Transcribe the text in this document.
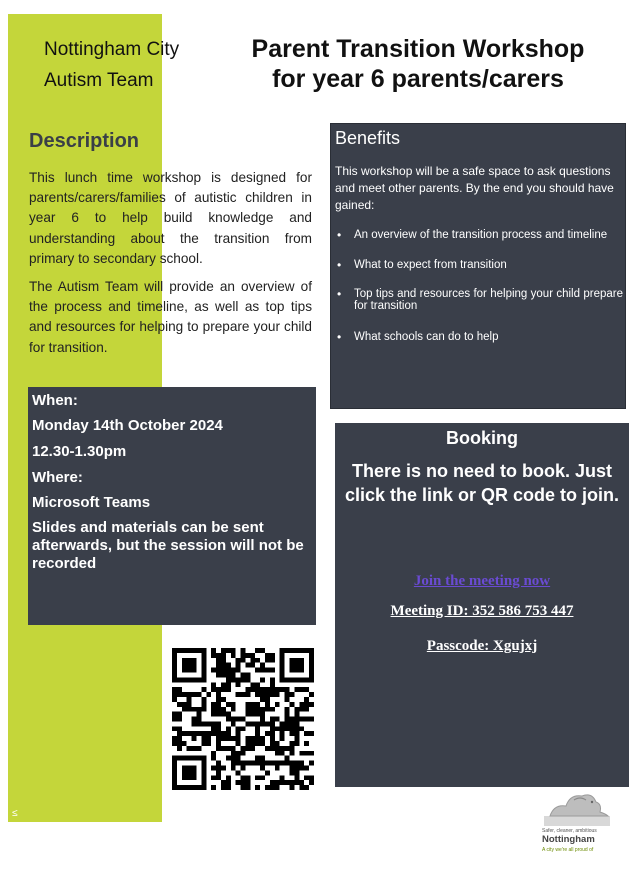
Nottingham City
Autism Team
Parent Transition Workshop
for year 6 parents/carers
Description

This lunch time workshop is designed for parents/carers/families of autistic children in year 6 to help build knowledge and understanding about the transition from primary to secondary school.

The Autism Team will provide an overview of the process and timeline, as well as top tips and resources for helping to prepare your child for transition.

Benefits
This workshop will be a safe space to ask questions and meet other parents. By the end you should have gained:
• An overview of the transition process and timeline
• What to expect from transition
• Top tips and resources for helping your child prepare for transition
• What schools can do to help
When:
Monday 14th October 2024
12.30-1.30pm
Where:
Microsoft Teams
Slides and materials can be sent afterwards, but the session will not be recorded
Booking
There is no need to book. Just click the link or QR code to join.
Join the meeting now
Meeting ID: 352 586 753 447
Passcode: Xgujxj
Safer, cleaner, ambitious
Nottingham
A city we're all proud of
≤
